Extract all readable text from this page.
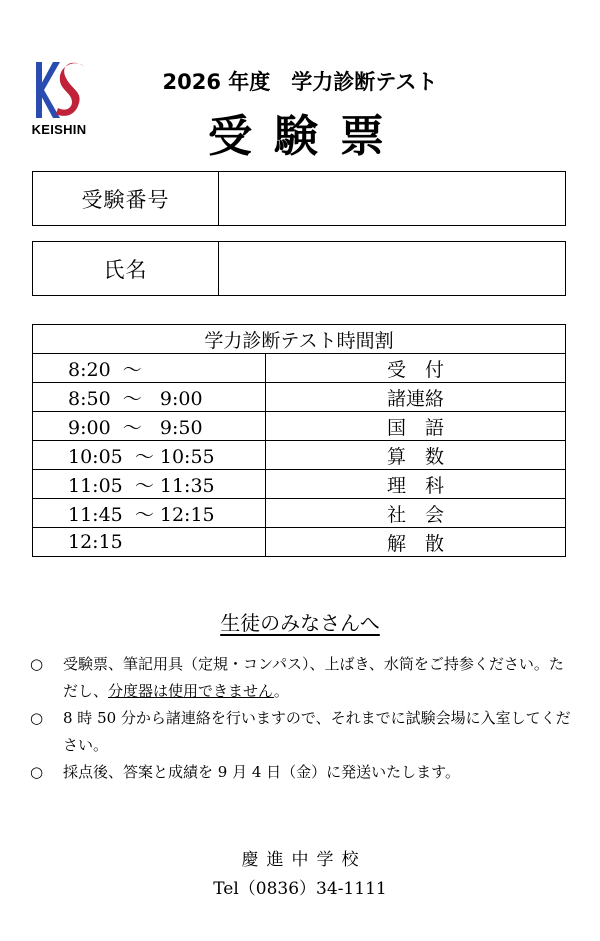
KEISHIN
2026 年度　学力診断テスト
受験票
受験番号
氏名
学力診断テスト時間割	
8:20  ～	受　付
8:50  ～   9:00	諸連絡
9:00  ～   9:50	国　語
10:05  ～ 10:55	算　数
11:05  ～ 11:35	理　科
11:45  ～ 12:15	社　会
12:15	解　散
生徒のみなさんへ
○ 受験票、筆記用具（定規・コンパス）、上ばき、水筒をご持参ください。ただし、分度器は使用できません。
○ 8 時 50 分から諸連絡を行いますので、それまでに試験会場に入室してください。
○ 採点後、答案と成績を 9 月 4 日（金）に発送いたします。
慶進中学校
Tel（0836）34-1111
